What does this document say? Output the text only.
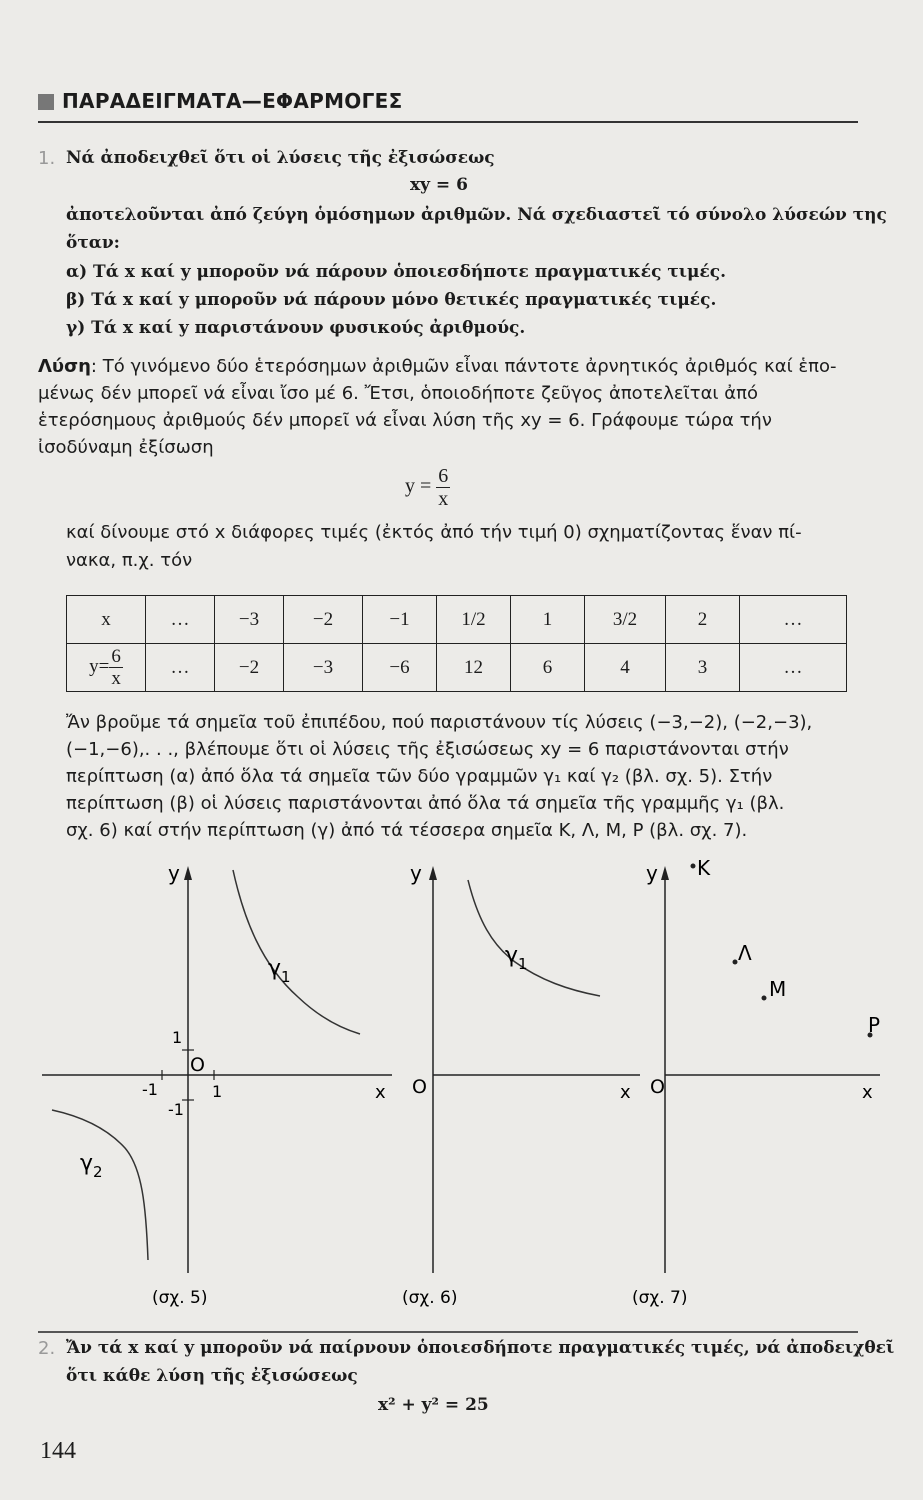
ΠΑΡΑΔΕΙΓΜΑΤΑ—ΕΦΑΡΜΟΓΕΣ
1. Νά ἀποδειχθεῖ ὅτι οἱ λύσεις τῆς ἐξισώσεως
xy = 6
ἀποτελοῦνται ἀπό ζεύγη ὁμόσημων ἀριθμῶν. Νά σχεδιαστεῖ τό σύνολο λύσεών της
ὅταν:
α) Τά x καί y μποροῦν νά πάρουν ὁποιεσδήποτε πραγματικές τιμές.
β) Τά x καί y μποροῦν νά πάρουν μόνο θετικές πραγματικές τιμές.
γ) Τά x καί y παριστάνουν φυσικούς ἀριθμούς.
Λύση: Τό γινόμενο δύο ἑτερόσημων ἀριθμῶν εἶναι πάντοτε ἀρνητικός ἀριθμός καί ἑπο-
μένως δέν μπορεῖ νά εἶναι ἴσο μέ 6. Ἔτσι, ὁποιοδήποτε ζεῦγος ἀποτελεῖται ἀπό
ἑτερόσημους ἀριθμούς δέν μπορεῖ νά εἶναι λύση τῆς xy = 6. Γράφουμε τώρα τήν
ἰσοδύναμη ἐξίσωση
$y = \frac{6}{x}$
καί δίνουμε στό x διάφορες τιμές (ἐκτός ἀπό τήν τιμή 0) σχηματίζοντας ἕναν πί-
νακα, π.χ. τόν
x	…	−3	−2	−1	1/2	1	3/2	2	…
$y= \frac{6}{x}$	…	−2	−3	−6	12	6	4	3	…
Ἄν βροῦμε τά σημεῖα τοῦ ἐπιπέδου, πού παριστάνουν τίς λύσεις (−3,−2), (−2,−3),
(−1,−6),. . ., βλέπουμε ὅτι οἱ λύσεις τῆς ἐξισώσεως xy = 6 παριστάνονται στήν
περίπτωση (α) ἀπό ὅλα τά σημεῖα τῶν δύο γραμμῶν γ₁ καί γ₂ (βλ. σχ. 5). Στήν
περίπτωση (β) οἱ λύσεις παριστάνονται ἀπό ὅλα τά σημεῖα τῆς γραμμῆς γ₁ (βλ.
σχ. 6) καί στήν περίπτωση (γ) ἀπό τά τέσσερα σημεῖα K, Λ, M, P (βλ. σχ. 7).
y
x
O
1
-1
-1	1
$\gamma_1$
$\gamma_2$
(σχ. 5)
y
x
O
$\gamma_1$
(σχ. 6)
y
x
O
K
Λ
M
P
(σχ. 7)
2. Ἄν τά x καί y μποροῦν νά παίρνουν ὁποιεσδήποτε πραγματικές τιμές, νά ἀποδειχθεῖ
ὅτι κάθε λύση τῆς ἐξισώσεως
x² + y² = 25
144
